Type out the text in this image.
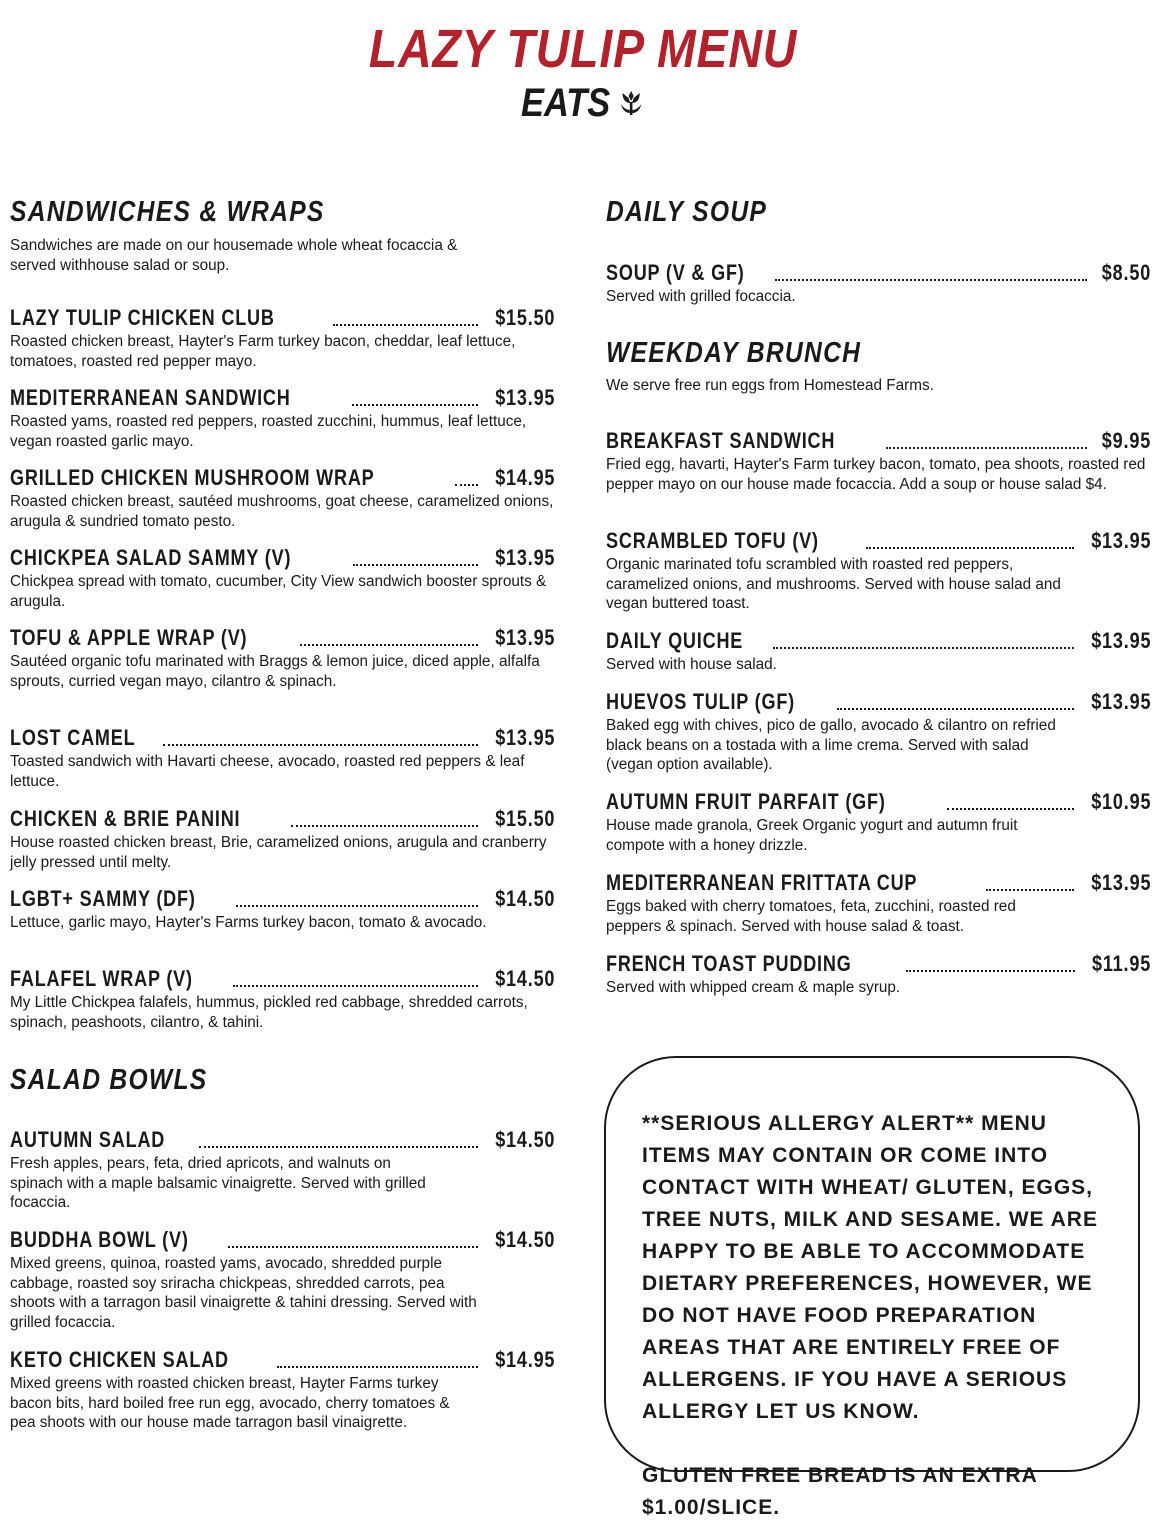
LAZY TULIP MENU
EATS
SANDWICHES & WRAPS
Sandwiches are made on our housemade whole wheat focaccia & served withhouse salad or soup.
LAZY TULIP CHICKEN CLUB	$15.50
Roasted chicken breast, Hayter's Farm turkey bacon, cheddar, leaf lettuce, tomatoes, roasted red pepper mayo.
MEDITERRANEAN SANDWICH	$13.95
Roasted yams, roasted red peppers, roasted zucchini, hummus, leaf lettuce, vegan roasted garlic mayo.
GRILLED CHICKEN MUSHROOM WRAP	$14.95
Roasted chicken breast, sautéed mushrooms, goat cheese, caramelized onions, arugula & sundried tomato pesto.
CHICKPEA SALAD SAMMY (V)	$13.95
Chickpea spread with tomato, cucumber, City View sandwich booster sprouts & arugula.
TOFU & APPLE WRAP (V)	$13.95
Sautéed organic tofu marinated with Braggs & lemon juice, diced apple, alfalfa sprouts, curried vegan mayo, cilantro & spinach.
LOST CAMEL	$13.95
Toasted sandwich with Havarti cheese, avocado, roasted red peppers & leaf lettuce.
CHICKEN & BRIE PANINI	$15.50
House roasted chicken breast, Brie, caramelized onions, arugula and cranberry jelly pressed until melty.
LGBT+ SAMMY (DF)	$14.50
Lettuce, garlic mayo, Hayter's Farms turkey bacon, tomato & avocado.
FALAFEL WRAP (V)	$14.50
My Little Chickpea falafels, hummus, pickled red cabbage, shredded carrots, spinach, peashoots, cilantro, & tahini.
SALAD BOWLS
AUTUMN SALAD	$14.50
Fresh apples, pears, feta, dried apricots, and walnuts on spinach with a maple balsamic vinaigrette. Served with grilled focaccia.
BUDDHA BOWL (V)	$14.50
Mixed greens, quinoa, roasted yams, avocado, shredded purple cabbage, roasted soy sriracha chickpeas, shredded carrots, pea shoots with a tarragon basil vinaigrette & tahini dressing. Served with grilled focaccia.
KETO CHICKEN SALAD	$14.95
Mixed greens with roasted chicken breast, Hayter Farms turkey bacon bits, hard boiled free run egg, avocado, cherry tomatoes & pea shoots with our house made tarragon basil vinaigrette.
DAILY SOUP
SOUP (V & GF)	$8.50
Served with grilled focaccia.
WEEKDAY BRUNCH
We serve free run eggs from Homestead Farms.
BREAKFAST SANDWICH	$9.95
Fried egg, havarti, Hayter's Farm turkey bacon, tomato, pea shoots, roasted red pepper mayo on our house made focaccia. Add a soup or house salad $4.
SCRAMBLED TOFU (V)	$13.95
Organic marinated tofu scrambled with roasted red peppers, caramelized onions, and mushrooms. Served with house salad and vegan buttered toast.
DAILY QUICHE	$13.95
Served with house salad.
HUEVOS TULIP (GF)	$13.95
Baked egg with chives, pico de gallo, avocado & cilantro on refried black beans on a tostada with a lime crema. Served with salad (vegan option available).
AUTUMN FRUIT PARFAIT (GF)	$10.95
House made granola, Greek Organic yogurt and autumn fruit compote with a honey drizzle.
MEDITERRANEAN FRITTATA CUP	$13.95
Eggs baked with cherry tomatoes, feta, zucchini, roasted red peppers & spinach. Served with house salad & toast.
FRENCH TOAST PUDDING	$11.95
Served with whipped cream & maple syrup.

**SERIOUS ALLERGY ALERT** MENU ITEMS MAY CONTAIN OR COME INTO CONTACT WITH WHEAT/ GLUTEN, EGGS, TREE NUTS, MILK AND SESAME. WE ARE HAPPY TO BE ABLE TO ACCOMMODATE DIETARY PREFERENCES, HOWEVER, WE DO NOT HAVE FOOD PREPARATION AREAS THAT ARE ENTIRELY FREE OF ALLERGENS. IF YOU HAVE A SERIOUS ALLERGY LET US KNOW.

GLUTEN FREE BREAD IS AN EXTRA $1.00/SLICE.
